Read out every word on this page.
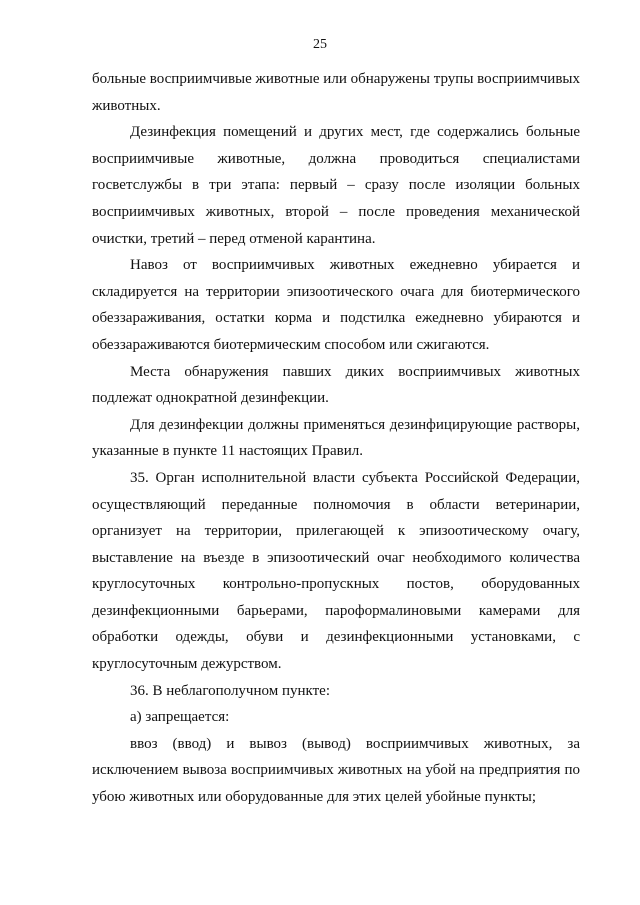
25

больные восприимчивые животные или обнаружены трупы восприимчивых животных.

Дезинфекция помещений и других мест, где содержались больные восприимчивые животные, должна проводиться специалистами госветслужбы в три этапа: первый – сразу после изоляции больных восприимчивых животных, второй – после проведения механической очистки, третий – перед отменой карантина.

Навоз от восприимчивых животных ежедневно убирается и складируется на территории эпизоотического очага для биотермического обеззараживания, остатки корма и подстилка ежедневно убираются и обеззараживаются биотермическим способом или сжигаются.

Места обнаружения павших диких восприимчивых животных подлежат однократной дезинфекции.

Для дезинфекции должны применяться дезинфицирующие растворы, указанные в пункте 11 настоящих Правил.

35. Орган исполнительной власти субъекта Российской Федерации, осуществляющий переданные полномочия в области ветеринарии, организует на территории, прилегающей к эпизоотическому очагу, выставление на въезде в эпизоотический очаг необходимого количества круглосуточных контрольно-пропускных постов, оборудованных дезинфекционными барьерами, пароформалиновыми камерами для обработки одежды, обуви и дезинфекционными установками, с круглосуточным дежурством.

36. В неблагополучном пункте:

а) запрещается:

ввоз (ввод) и вывоз (вывод) восприимчивых животных, за исключением вывоза восприимчивых животных на убой на предприятия по убою животных или оборудованные для этих целей убойные пункты;
